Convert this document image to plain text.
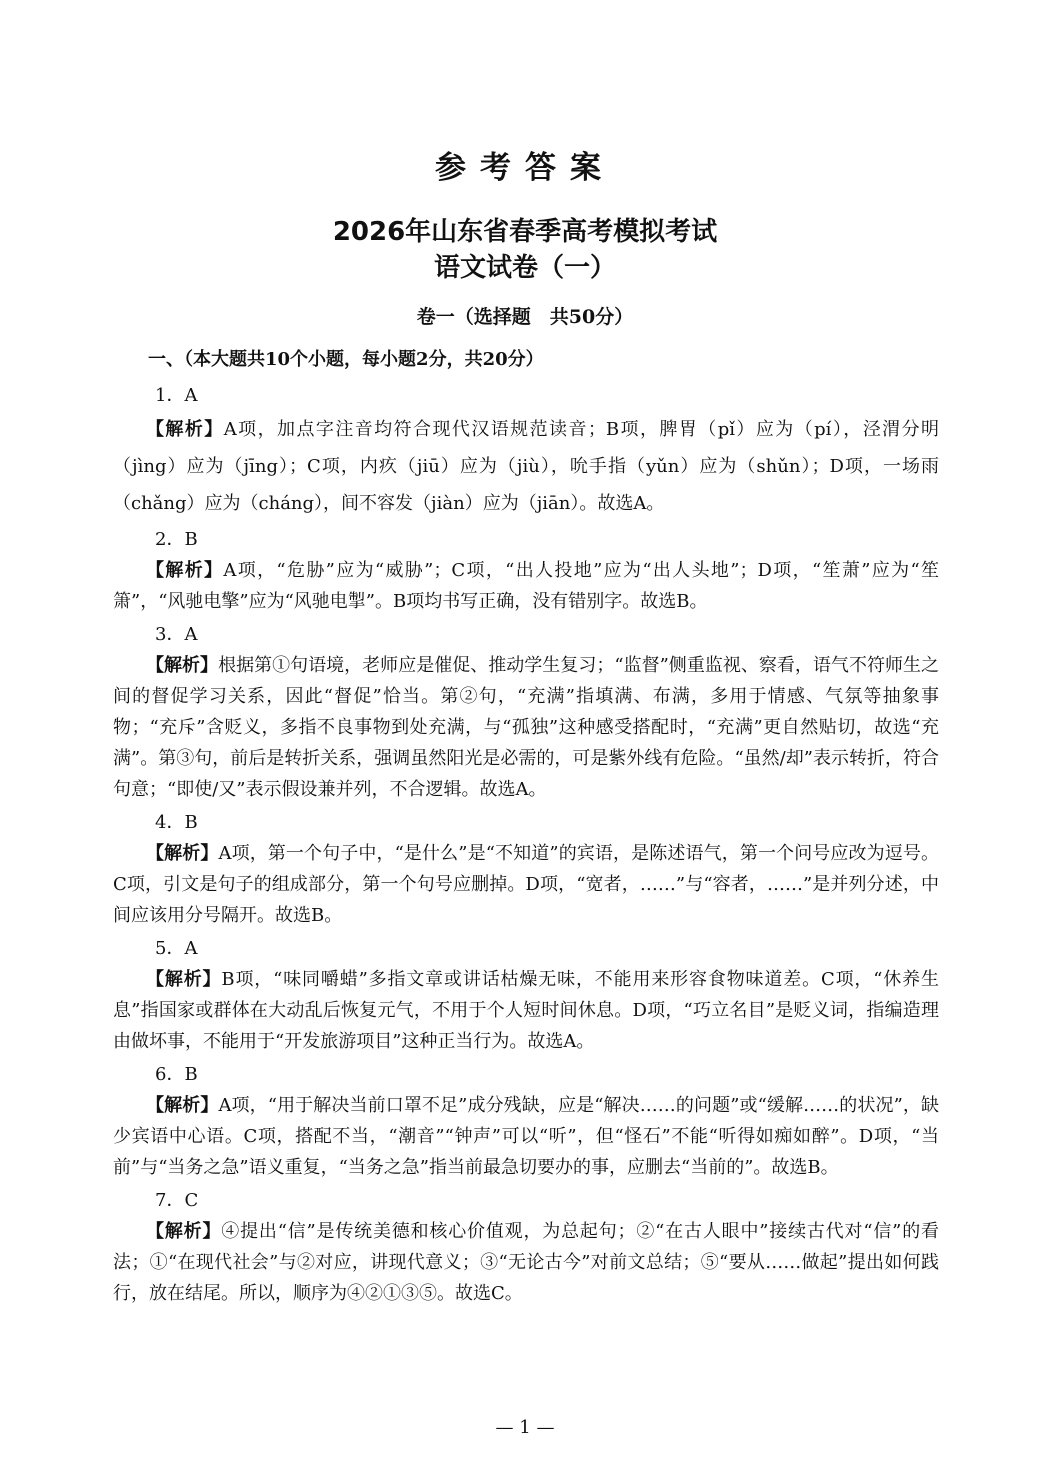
参考答案
2026年山东省春季高考模拟考试
语文试卷（一）
卷一（选择题　共50分）
一、（本大题共10个小题，每小题2分，共20分）

1．A

【解析】A项，加点字注音均符合现代汉语规范读音；B项，脾胃（pǐ）应为（pí），泾渭分明（jìng）应为（jīng）；C项，内疚（jiū）应为（jiù），吮手指（yǔn）应为（shǔn）；D项，一场雨（chǎng）应为（cháng），间不容发（jiàn）应为（jiān）。故选A。

2．B

【解析】A项，“危胁”应为“威胁”；C项，“出人投地”应为“出人头地”；D项，“笙萧”应为“笙箫”，“风驰电擎”应为“风驰电掣”。B项均书写正确，没有错别字。故选B。

3．A

【解析】根据第①句语境，老师应是催促、推动学生复习；“监督”侧重监视、察看，语气不符师生之间的督促学习关系，因此“督促”恰当。第②句，“充满”指填满、布满，多用于情感、气氛等抽象事物；“充斥”含贬义，多指不良事物到处充满，与“孤独”这种感受搭配时，“充满”更自然贴切，故选“充满”。第③句，前后是转折关系，强调虽然阳光是必需的，可是紫外线有危险。“虽然/却”表示转折，符合句意；“即使/又”表示假设兼并列，不合逻辑。故选A。

4．B

【解析】A项，第一个句子中，“是什么”是“不知道”的宾语，是陈述语气，第一个问号应改为逗号。C项，引文是句子的组成部分，第一个句号应删掉。D项，“宽者，……”与“容者，……”是并列分述，中间应该用分号隔开。故选B。

5．A

【解析】B项，“味同嚼蜡”多指文章或讲话枯燥无味，不能用来形容食物味道差。C项，“休养生息”指国家或群体在大动乱后恢复元气，不用于个人短时间休息。D项，“巧立名目”是贬义词，指编造理由做坏事，不能用于“开发旅游项目”这种正当行为。故选A。

6．B

【解析】A项，“用于解决当前口罩不足”成分残缺，应是“解决……的问题”或“缓解……的状况”，缺少宾语中心语。C项，搭配不当，“潮音”“钟声”可以“听”，但“怪石”不能“听得如痴如醉”。D项，“当前”与“当务之急”语义重复，“当务之急”指当前最急切要办的事，应删去“当前的”。故选B。

7．C

【解析】④提出“信”是传统美德和核心价值观，为总起句；②“在古人眼中”接续古代对“信”的看法；①“在现代社会”与②对应，讲现代意义；③“无论古今”对前文总结；⑤“要从……做起”提出如何践行，放在结尾。所以，顺序为④②①③⑤。故选C。

— 1 —
